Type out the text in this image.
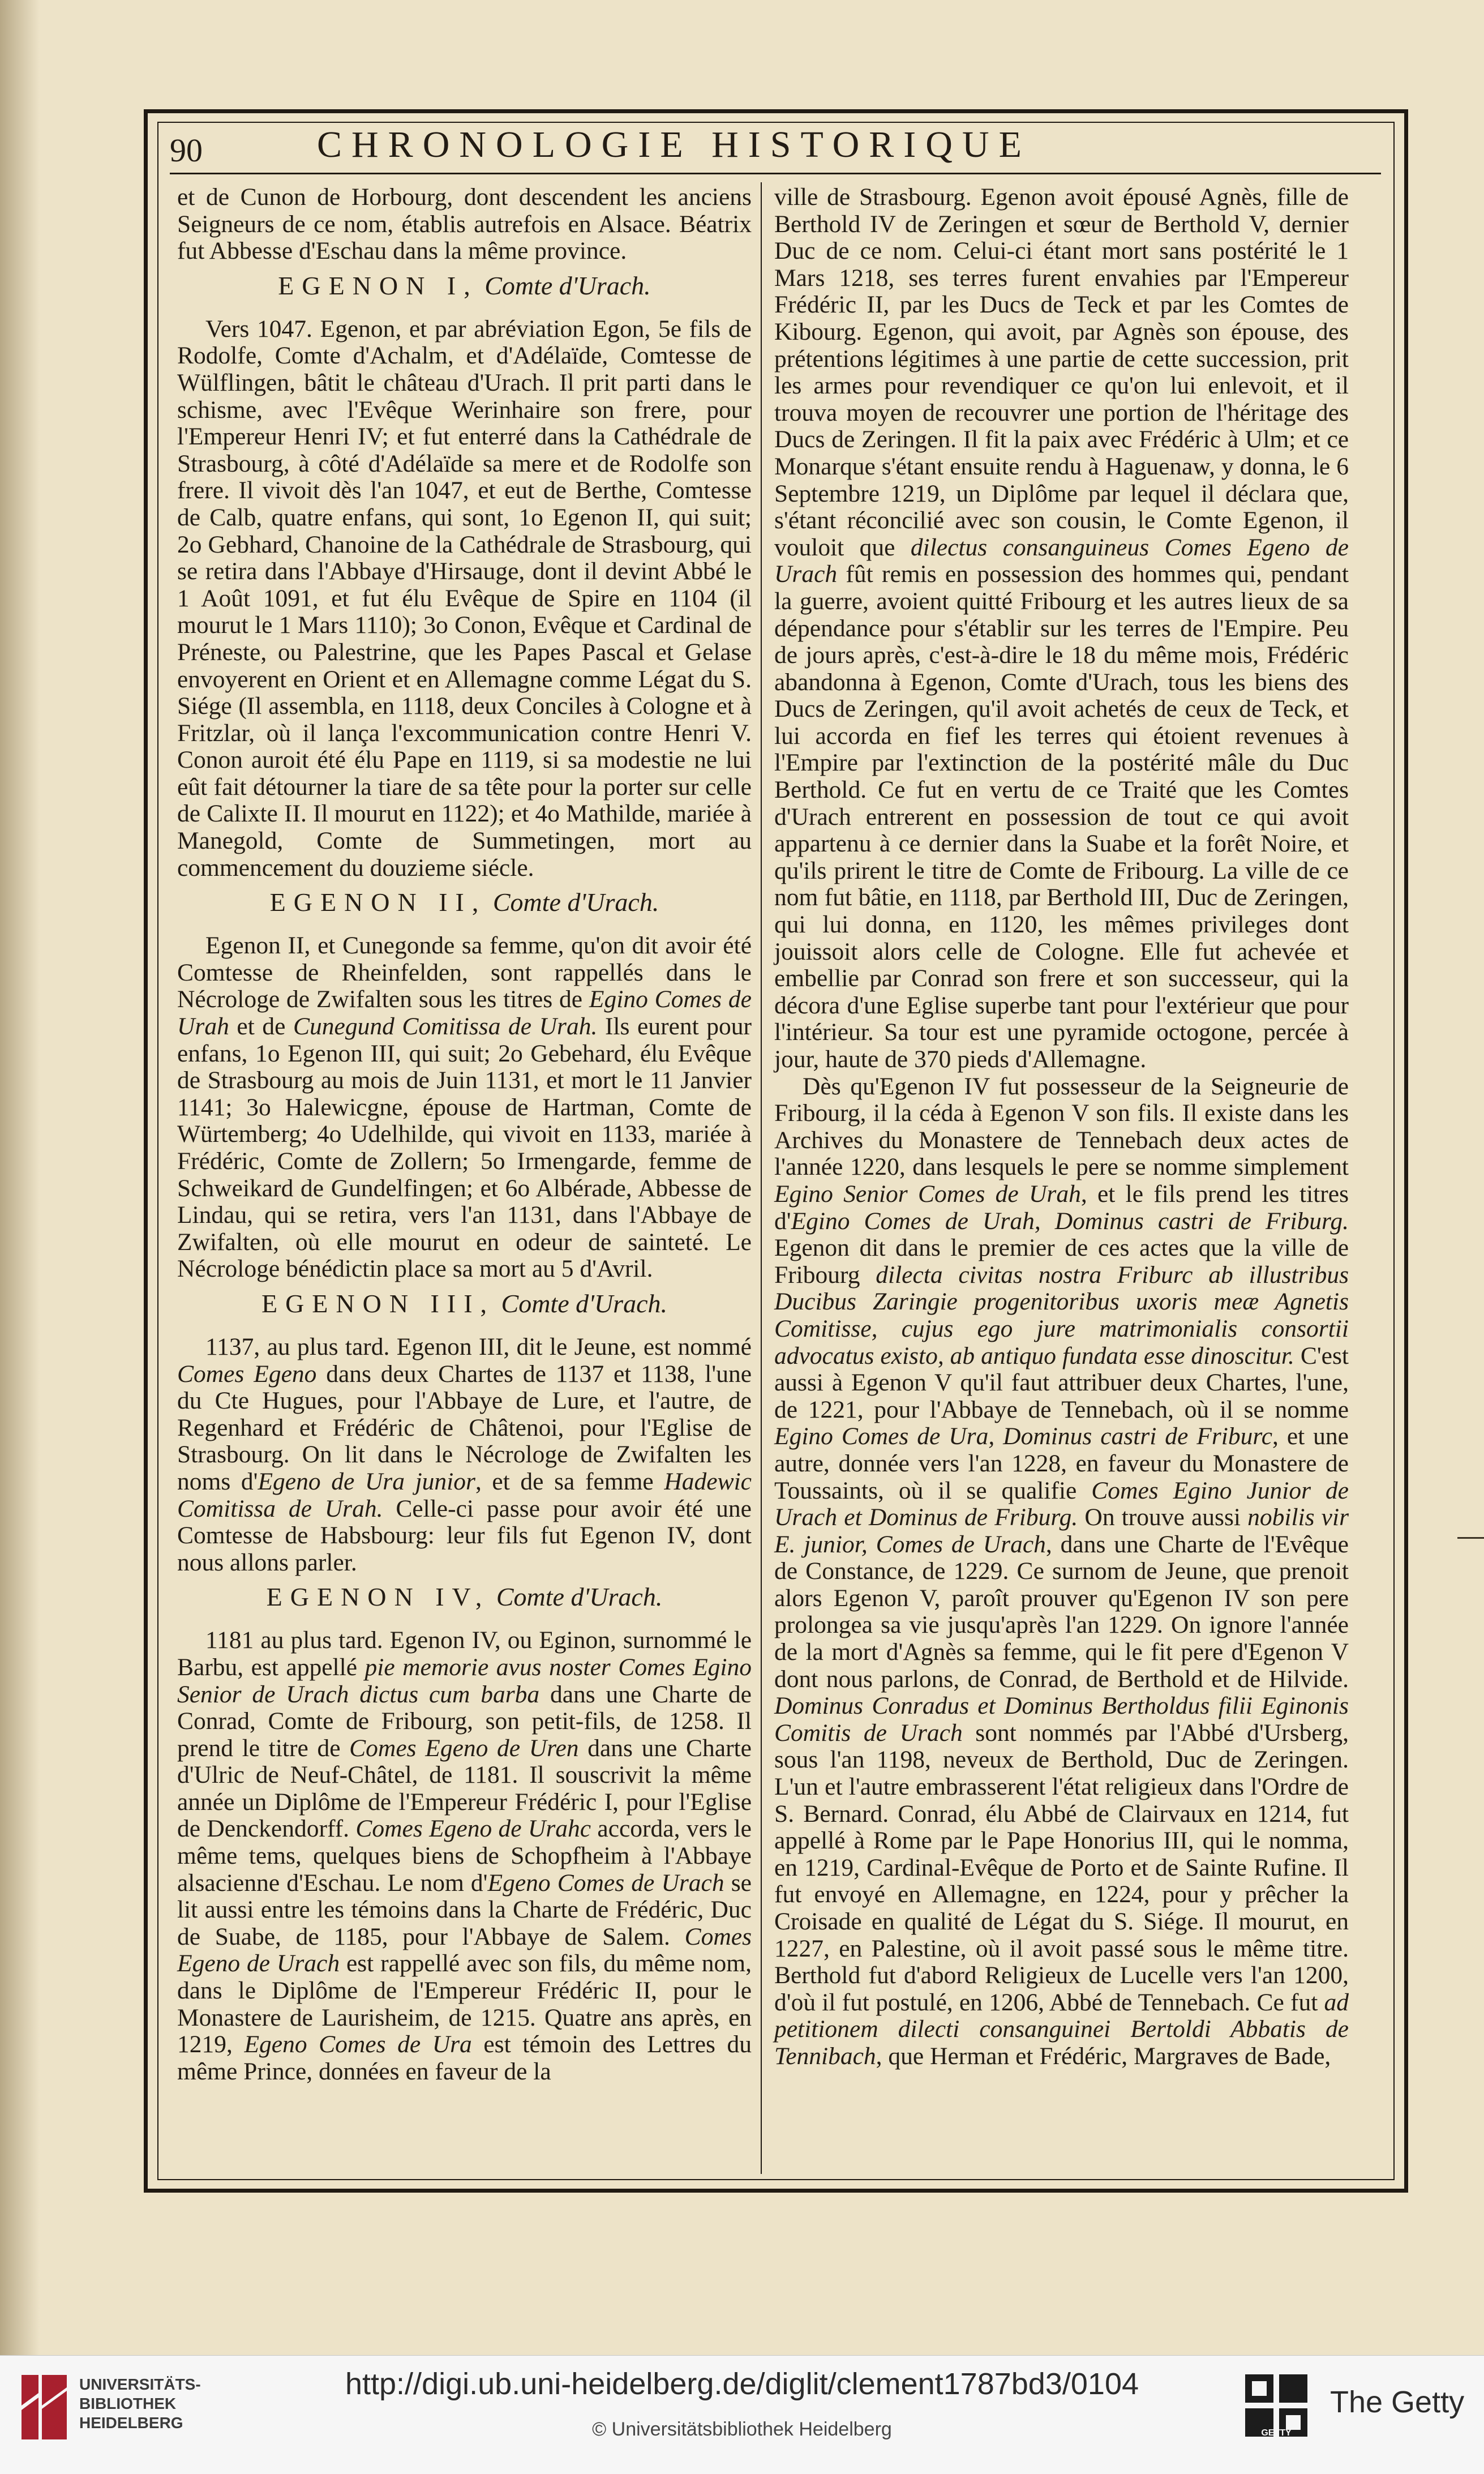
90	CHRONOLOGIE HISTORIQUE

et de Cunon de Horbourg, dont descendent les anciens Seigneurs de ce nom, établis autrefois en Alsace. Béatrix fut Abbesse d'Eschau dans la même province.

EGENON I, Comte d'Urach.

Vers 1047. Egenon, et par abréviation Egon, 5e fils de Rodolfe, Comte d'Achalm, et d'Adélaïde, Comtesse de Wülflingen, bâtit le château d'Urach. Il prit parti dans le schisme, avec l'Evêque Werinhaire son frere, pour l'Empereur Henri IV; et fut enterré dans la Cathédrale de Strasbourg, à côté d'Adélaïde sa mere et de Rodolfe son frere. Il vivoit dès l'an 1047, et eut de Berthe, Comtesse de Calb, quatre enfans, qui sont, 1o Egenon II, qui suit; 2o Gebhard, Chanoine de la Cathédrale de Strasbourg, qui se retira dans l'Abbaye d'Hirsauge, dont il devint Abbé le 1 Août 1091, et fut élu Evêque de Spire en 1104 (il mourut le 1 Mars 1110); 3o Conon, Evêque et Cardinal de Préneste, ou Palestrine, que les Papes Pascal et Gelase envoyerent en Orient et en Allemagne comme Légat du S. Siége (Il assembla, en 1118, deux Conciles à Cologne et à Fritzlar, où il lança l'excommunication contre Henri V. Conon auroit été élu Pape en 1119, si sa modestie ne lui eût fait détourner la tiare de sa tête pour la porter sur celle de Calixte II. Il mourut en 1122); et 4o Mathilde, mariée à Manegold, Comte de Summetingen, mort au commencement du douzieme siécle.

EGENON II, Comte d'Urach.

Egenon II, et Cunegonde sa femme, qu'on dit avoir été Comtesse de Rheinfelden, sont rappellés dans le Nécrologe de Zwifalten sous les titres de Egino Comes de Urah et de Cunegund Comitissa de Urah. Ils eurent pour enfans, 1o Egenon III, qui suit; 2o Gebehard, élu Evêque de Strasbourg au mois de Juin 1131, et mort le 11 Janvier 1141; 3o Halewicgne, épouse de Hartman, Comte de Würtemberg; 4o Udelhilde, qui vivoit en 1133, mariée à Frédéric, Comte de Zollern; 5o Irmengarde, femme de Schweikard de Gundelfingen; et 6o Albérade, Abbesse de Lindau, qui se retira, vers l'an 1131, dans l'Abbaye de Zwifalten, où elle mourut en odeur de sainteté. Le Nécrologe bénédictin place sa mort au 5 d'Avril.

EGENON III, Comte d'Urach.

1137, au plus tard. Egenon III, dit le Jeune, est nommé Comes Egeno dans deux Chartes de 1137 et 1138, l'une du Cte Hugues, pour l'Abbaye de Lure, et l'autre, de Regenhard et Frédéric de Châtenoi, pour l'Eglise de Strasbourg. On lit dans le Nécrologe de Zwifalten les noms d'Egeno de Ura junior, et de sa femme Hadewic Comitissa de Urah. Celle-ci passe pour avoir été une Comtesse de Habsbourg: leur fils fut Egenon IV, dont nous allons parler.

EGENON IV, Comte d'Urach.

1181 au plus tard. Egenon IV, ou Eginon, surnommé le Barbu, est appellé pie memorie avus noster Comes Egino Senior de Urach dictus cum barba dans une Charte de Conrad, Comte de Fribourg, son petit-fils, de 1258. Il prend le titre de Comes Egeno de Uren dans une Charte d'Ulric de Neuf-Châtel, de 1181. Il souscrivit la même année un Diplôme de l'Empereur Frédéric I, pour l'Eglise de Denckendorff. Comes Egeno de Urahc accorda, vers le même tems, quelques biens de Schopfheim à l'Abbaye alsacienne d'Eschau. Le nom d'Egeno Comes de Urach se lit aussi entre les témoins dans la Charte de Frédéric, Duc de Suabe, de 1185, pour l'Abbaye de Salem. Comes Egeno de Urach est rappellé avec son fils, du même nom, dans le Diplôme de l'Empereur Frédéric II, pour le Monastere de Laurisheim, de 1215. Quatre ans après, en 1219, Egeno Comes de Ura est témoin des Lettres du même Prince, données en faveur de la

ville de Strasbourg. Egenon avoit épousé Agnès, fille de Berthold IV de Zeringen et sœur de Berthold V, dernier Duc de ce nom. Celui-ci étant mort sans postérité le 1 Mars 1218, ses terres furent envahies par l'Empereur Frédéric II, par les Ducs de Teck et par les Comtes de Kibourg. Egenon, qui avoit, par Agnès son épouse, des prétentions légitimes à une partie de cette succession, prit les armes pour revendiquer ce qu'on lui enlevoit, et il trouva moyen de recouvrer une portion de l'héritage des Ducs de Zeringen. Il fit la paix avec Frédéric à Ulm; et ce Monarque s'étant ensuite rendu à Haguenaw, y donna, le 6 Septembre 1219, un Diplôme par lequel il déclara que, s'étant réconcilié avec son cousin, le Comte Egenon, il vouloit que dilectus consanguineus Comes Egeno de Urach fût remis en possession des hommes qui, pendant la guerre, avoient quitté Fribourg et les autres lieux de sa dépendance pour s'établir sur les terres de l'Empire. Peu de jours après, c'est-à-dire le 18 du même mois, Frédéric abandonna à Egenon, Comte d'Urach, tous les biens des Ducs de Zeringen, qu'il avoit achetés de ceux de Teck, et lui accorda en fief les terres qui étoient revenues à l'Empire par l'extinction de la postérité mâle du Duc Berthold. Ce fut en vertu de ce Traité que les Comtes d'Urach entrerent en possession de tout ce qui avoit appartenu à ce dernier dans la Suabe et la forêt Noire, et qu'ils prirent le titre de Comte de Fribourg. La ville de ce nom fut bâtie, en 1118, par Berthold III, Duc de Zeringen, qui lui donna, en 1120, les mêmes privileges dont jouissoit alors celle de Cologne. Elle fut achevée et embellie par Conrad son frere et son successeur, qui la décora d'une Eglise superbe tant pour l'extérieur que pour l'intérieur. Sa tour est une pyramide octogone, percée à jour, haute de 370 pieds d'Allemagne.

Dès qu'Egenon IV fut possesseur de la Seigneurie de Fribourg, il la céda à Egenon V son fils. Il existe dans les Archives du Monastere de Tennebach deux actes de l'année 1220, dans lesquels le pere se nomme simplement Egino Senior Comes de Urah, et le fils prend les titres d'Egino Comes de Urah, Dominus castri de Friburg. Egenon dit dans le premier de ces actes que la ville de Fribourg dilecta civitas nostra Friburc ab illustribus Ducibus Zaringie progenitoribus uxoris meæ Agnetis Comitisse, cujus ego jure matrimonialis consortii advocatus existo, ab antiquo fundata esse dinoscitur. C'est aussi à Egenon V qu'il faut attribuer deux Chartes, l'une, de 1221, pour l'Abbaye de Tennebach, où il se nomme Egino Comes de Ura, Dominus castri de Friburc, et une autre, donnée vers l'an 1228, en faveur du Monastere de Toussaints, où il se qualifie Comes Egino Junior de Urach et Dominus de Friburg. On trouve aussi nobilis vir E. junior, Comes de Urach, dans une Charte de l'Evêque de Constance, de 1229. Ce surnom de Jeune, que prenoit alors Egenon V, paroît prouver qu'Egenon IV son pere prolongea sa vie jusqu'après l'an 1229. On ignore l'année de la mort d'Agnès sa femme, qui le fit pere d'Egenon V dont nous parlons, de Conrad, de Berthold et de Hilvide. Dominus Conradus et Dominus Bertholdus filii Eginonis Comitis de Urach sont nommés par l'Abbé d'Ursberg, sous l'an 1198, neveux de Berthold, Duc de Zeringen. L'un et l'autre embrasserent l'état religieux dans l'Ordre de S. Bernard. Conrad, élu Abbé de Clairvaux en 1214, fut appellé à Rome par le Pape Honorius III, qui le nomma, en 1219, Cardinal-Evêque de Porto et de Sainte Rufine. Il fut envoyé en Allemagne, en 1224, pour y prêcher la Croisade en qualité de Légat du S. Siége. Il mourut, en 1227, en Palestine, où il avoit passé sous le même titre. Berthold fut d'abord Religieux de Lucelle vers l'an 1200, d'où il fut postulé, en 1206, Abbé de Tennebach. Ce fut ad petitionem dilecti consanguinei Bertoldi Abbatis de Tennibach, que Herman et Frédéric, Margraves de Bade,

UNIVERSITÄTS-
BIBLIOTHEK
HEIDELBERG
http://digi.ub.uni-heidelberg.de/diglit/clement1787bd3/0104
© Universitätsbibliothek Heidelberg	GETTY
The Getty
